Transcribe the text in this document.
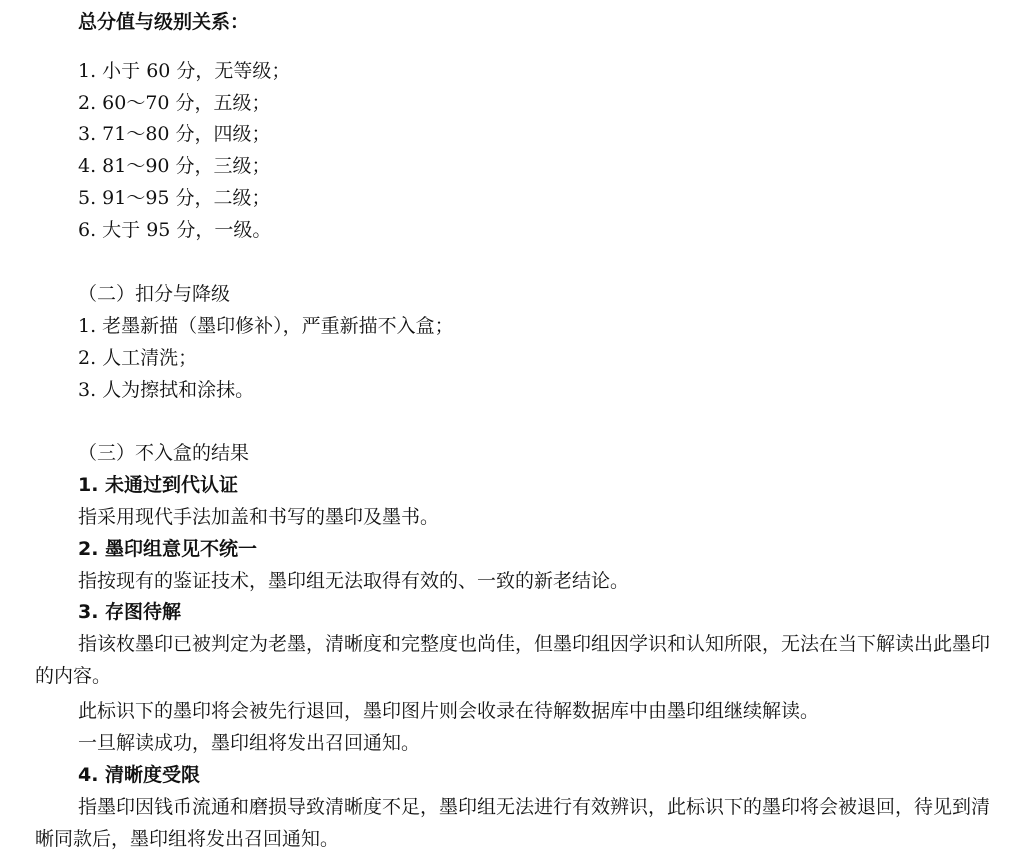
总分值与级别关系：
1. 小于 60 分，无等级；
2. 60～70 分，五级；
3. 71～80 分，四级；
4. 81～90 分，三级；
5. 91～95 分，二级；
6. 大于 95 分，一级。
（二）扣分与降级
1. 老墨新描（墨印修补），严重新描不入盒；
2. 人工清洗；
3. 人为擦拭和涂抹。
（三）不入盒的结果
1. 未通过到代认证
指采用现代手法加盖和书写的墨印及墨书。
2. 墨印组意见不统一
指按现有的鉴证技术，墨印组无法取得有效的、一致的新老结论。
3. 存图待解

指该枚墨印已被判定为老墨，清晰度和完整度也尚佳，但墨印组因学识和认知所限，无法在当下解读出此墨印的内容。

此标识下的墨印将会被先行退回，墨印图片则会收录在待解数据库中由墨印组继续解读。
一旦解读成功，墨印组将发出召回通知。
4. 清晰度受限

指墨印因钱币流通和磨损导致清晰度不足，墨印组无法进行有效辨识，此标识下的墨印将会被退回，待见到清晰同款后，墨印组将发出召回通知。
